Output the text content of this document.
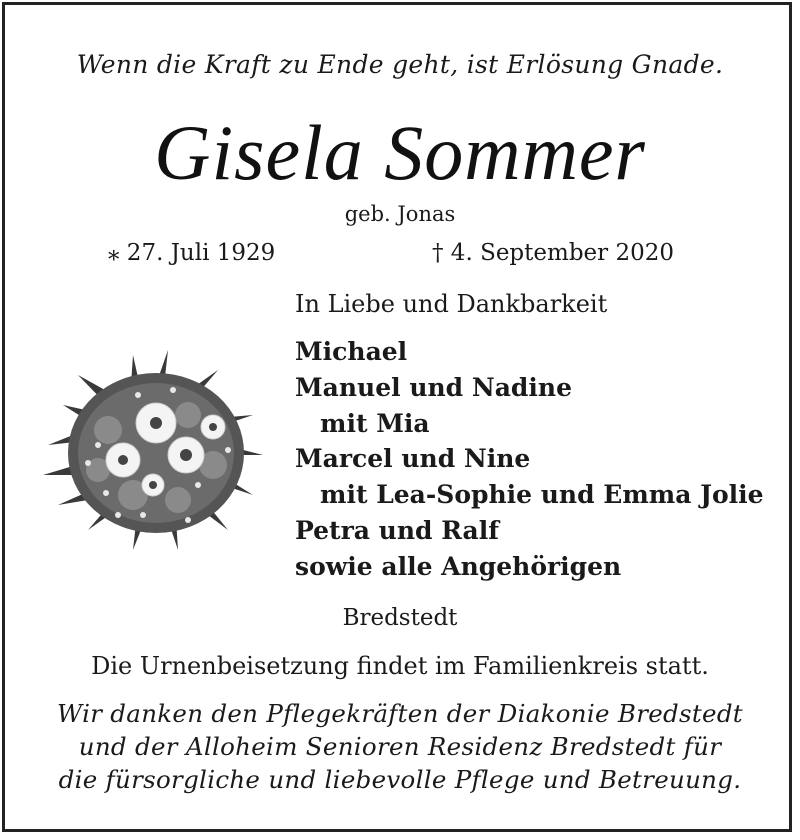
Wenn die Kraft zu Ende geht, ist Erlösung Gnade.
Gisela Sommer
geb. Jonas
⁎ 27. Juli 1929	† 4. September 2020
In Liebe und Dankbarkeit
Michael
Manuel und Nadine
mit Mia
Marcel und Nine
mit Lea-Sophie und Emma Jolie
Petra und Ralf
sowie alle Angehörigen
Bredstedt
Die Urnenbeisetzung findet im Familienkreis statt.
Wir danken den Pflegekräften der Diakonie Bredstedt
und der Alloheim Senioren Residenz Bredstedt für
die fürsorgliche und liebevolle Pflege und Betreuung.
